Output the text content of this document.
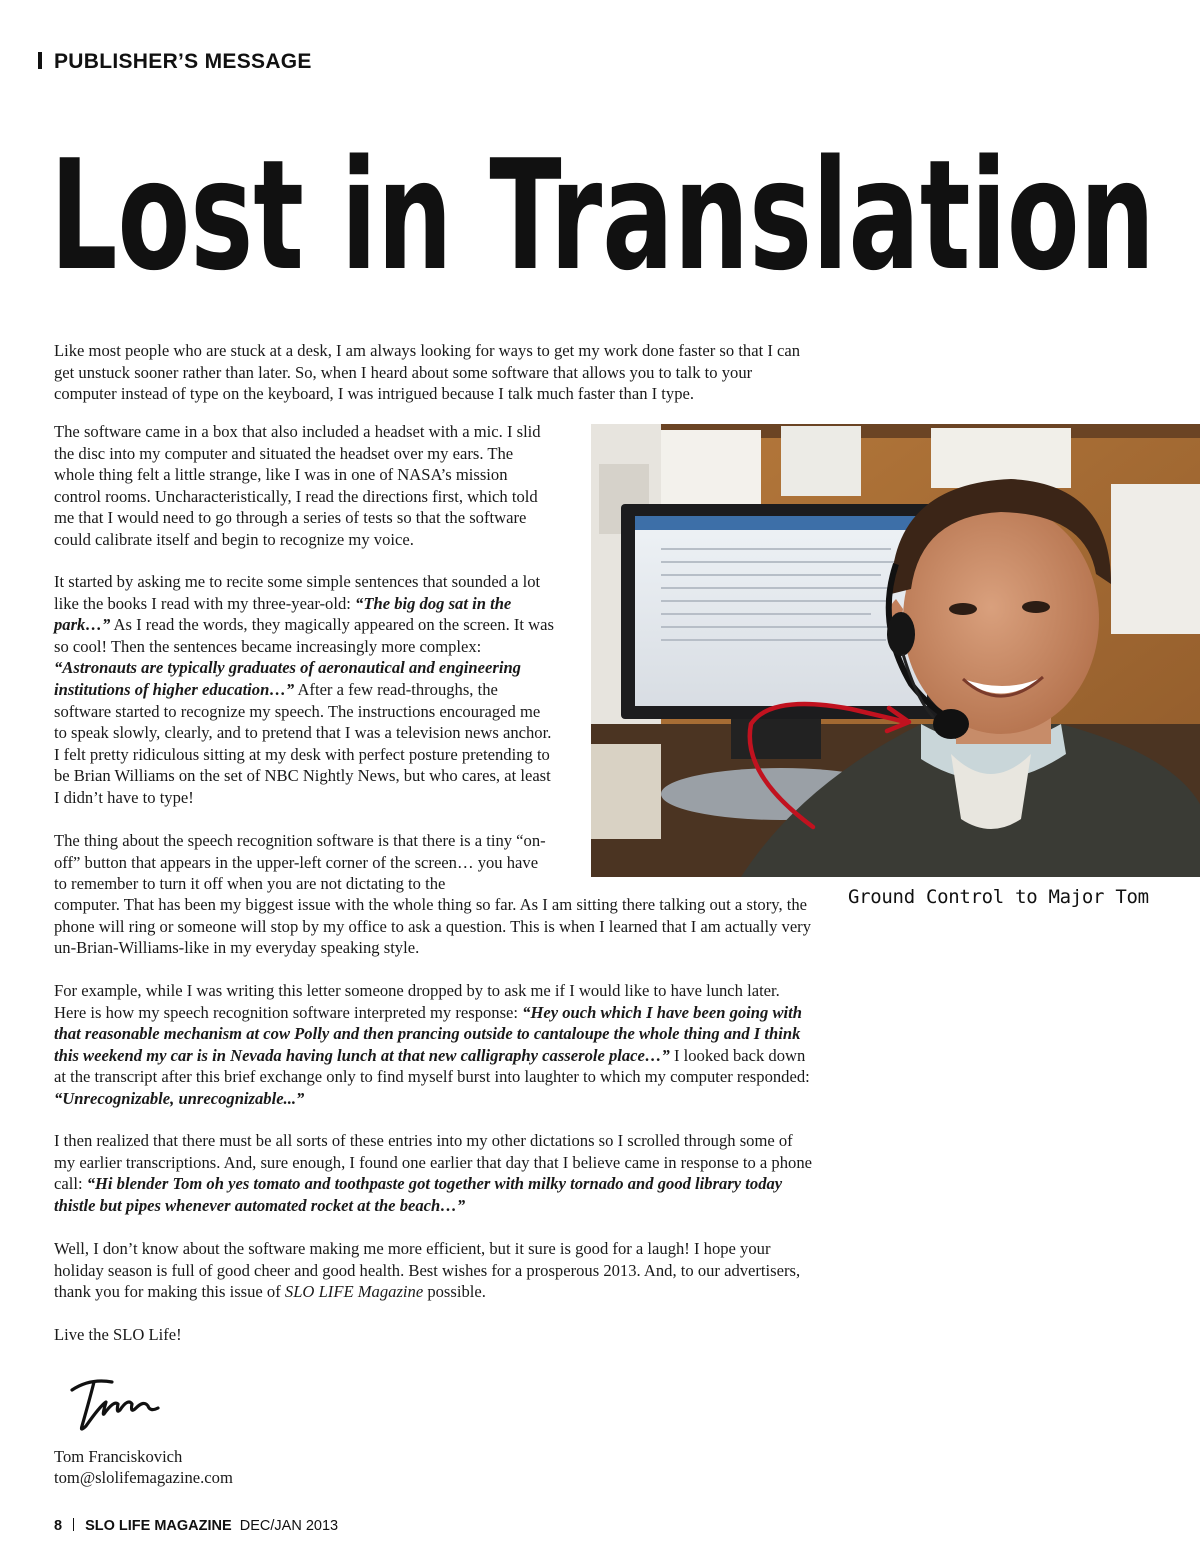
PUBLISHER’S MESSAGE
Lost in Translation

Like most people who are stuck at a desk, I am always looking for ways to get my work done faster so that I can get unstuck sooner rather than later. So, when I heard about some software that allows you to talk to your computer instead of type on the keyboard, I was intrigued because I talk much faster than I type.

The software came in a box that also included a headset with a mic. I slid the disc into my computer and situated the headset over my ears. The whole thing felt a little strange, like I was in one of NASA’s mission control rooms. Uncharacteristically, I read the directions first, which told me that I would need to go through a series of tests so that the software could calibrate itself and begin to recognize my voice.

It started by asking me to recite some simple sentences that sounded a lot like the books I read with my three-year-old: “The big dog sat in the park…” As I read the words, they magically appeared on the screen. It was so cool! Then the sentences became increasingly more complex: “Astronauts are typically graduates of aeronautical and engineering institutions of higher education…” After a few read-throughs, the software started to recognize my speech. The instructions encouraged me to speak slowly, clearly, and to pretend that I was a television news anchor. I felt pretty ridiculous sitting at my desk with perfect posture pretending to be Brian Williams on the set of NBC Nightly News, but who cares, at least I didn’t have to type!

The thing about the speech recognition software is that there is a tiny “on-off” button that appears in the upper-left corner of the screen… you have to remember to turn it off when you are not dictating to the

computer. That has been my biggest issue with the whole thing so far. As I am sitting there talking out a story, the phone will ring or someone will stop by my office to ask a question. This is when I learned that I am actually very un-Brian-Williams-like in my everyday speaking style.

For example, while I was writing this letter someone dropped by to ask me if I would like to have lunch later. Here is how my speech recognition software interpreted my response: “Hey ouch which I have been going with that reasonable mechanism at cow Polly and then prancing outside to cantaloupe the whole thing and I think this weekend my car is in Nevada having lunch at that new calligraphy casserole place…” I looked back down at the transcript after this brief exchange only to find myself burst into laughter to which my computer responded: “Unrecognizable, unrecognizable...”

I then realized that there must be all sorts of these entries into my other dictations so I scrolled through some of my earlier transcriptions. And, sure enough, I found one earlier that day that I believe came in response to a phone call: “Hi blender Tom oh yes tomato and toothpaste got together with milky tornado and good library today thistle but pipes whenever automated rocket at the beach…”

Well, I don’t know about the software making me more efficient, but it sure is good for a laugh! I hope your holiday season is full of good cheer and good health. Best wishes for a prosperous 2013. And, to our advertisers, thank you for making this issue of SLO LIFE Magazine possible.

Live the SLO Life!

Tom Franciskovich

tom@slolifemagazine.com

Ground Control to Major Tom
8 SLO LIFE MAGAZINE DEC/JAN 2013
